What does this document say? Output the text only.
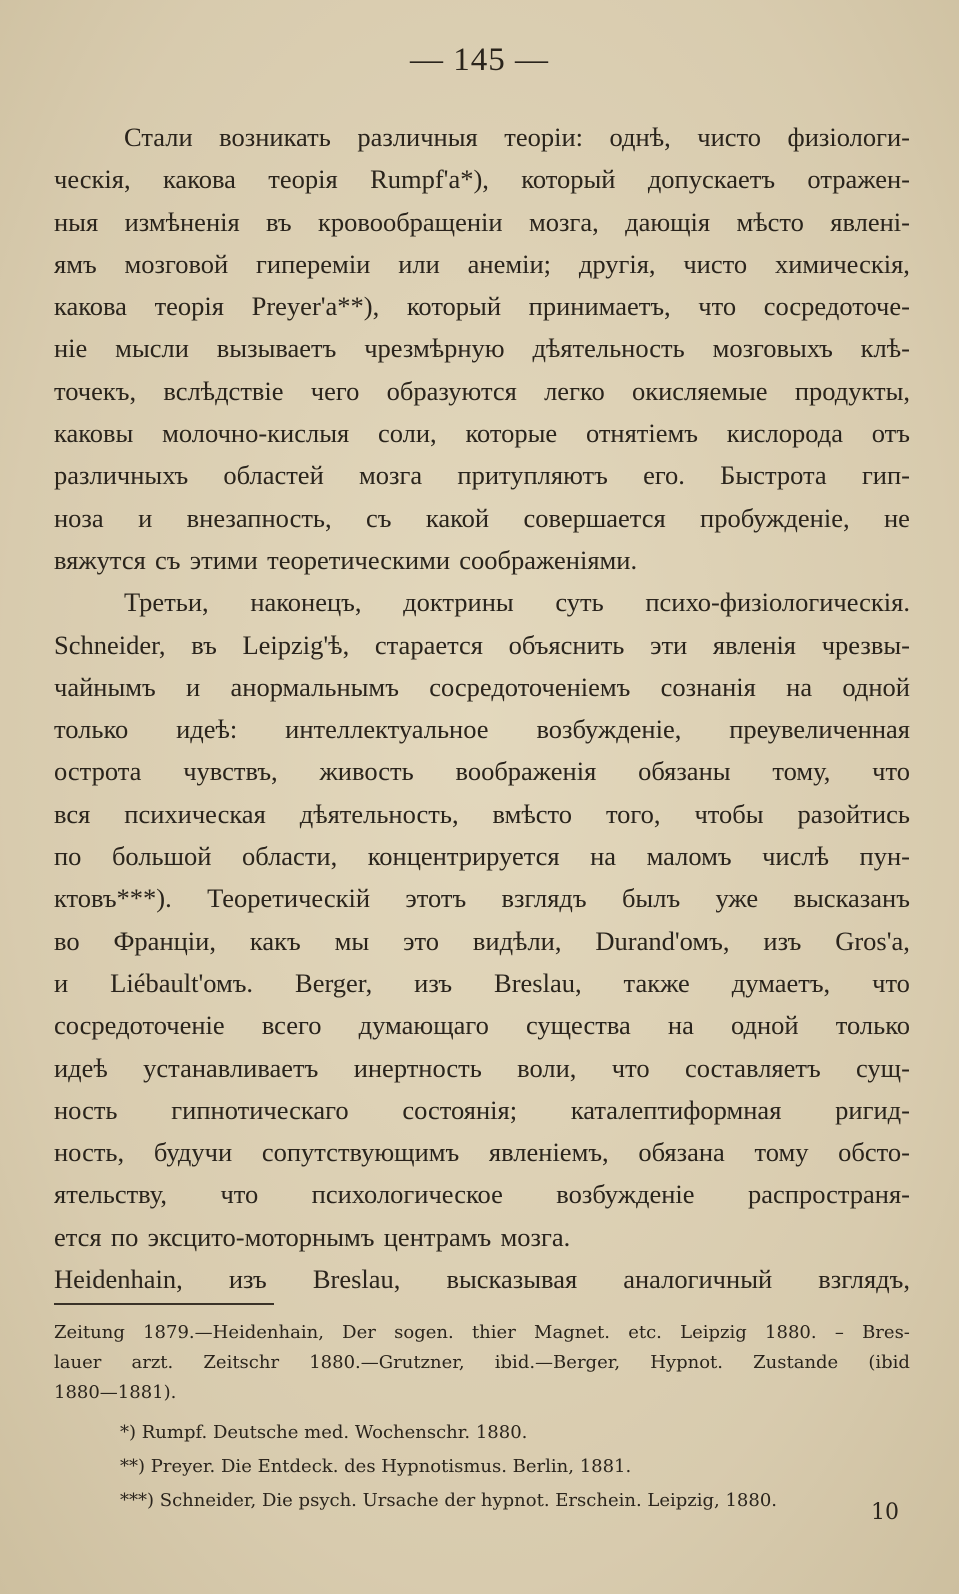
— 145 —
Стали возникать различныя теорiи: однѣ, чисто физiологи-
ческiя, какова теорiя Rumpf'a*), который допускаетъ отражен-
ныя измѣненiя въ кровообращенiи мозга, дающiя мѣсто явленi-
ямъ мозговой гиперемiи или анемiи; другiя, чисто химическiя,
какова теорiя Preyer'a**), который принимаетъ, что сосредоточе-
нiе мысли вызываетъ чрезмѣрную дѣятельность мозговыхъ клѣ-
точекъ, вслѣдствiе чего образуются легко окисляемые продукты,
каковы молочно-кислыя соли, которые отнятiемъ кислорода отъ
различныхъ областей мозга притупляютъ его. Быстрота гип-
ноза и внезапность, съ какой совершается пробужденiе, не
вяжутся съ этими теоретическими соображенiями.
Третьи, наконецъ, доктрины суть психо-физiологическiя.
Schneider, въ Leipzig'ѣ, старается объяснить эти явленiя чрезвы-
чайнымъ и анормальнымъ сосредоточенiемъ сознанiя на одной
только идеѣ: интеллектуальное возбужденiе, преувеличенная
острота чувствъ, живость воображенiя обязаны тому, что
вся психическая дѣятельность, вмѣсто того, чтобы разойтись
по большой области, концентрируется на маломъ числѣ пун-
ктовъ***). Теоретическiй этотъ взглядъ былъ уже высказанъ
во Францiи, какъ мы это видѣли, Durand'омъ, изъ Gros'a,
и Liébault'омъ. Berger, изъ Breslau, также думаетъ, что
сосредоточенiе всего думающаго существа на одной только
идеѣ устанавливаетъ инертность воли, что составляетъ сущ-
ность гипнотическаго состоянiя; каталептиформная ригид-
ность, будучи сопутствующимъ явленiемъ, обязана тому обсто-
ятельству, что психологическое возбужденiе распространя-
ется по эксцито-моторнымъ центрамъ мозга.
Heidenhain, изъ Breslau, высказывая аналогичный взглядъ,
Zeitung 1879.—Heidenhain, Der sogen. thier Magnet. etc. Leipzig 1880. – Bres-
lauer arzt. Zeitschr 1880.—Grutzner, ibid.—Berger, Hypnot. Zustande (ibid
1880—1881).
*) Rumpf. Deutsche med. Wochenschr. 1880.
**) Preyer. Die Entdeck. des Hypnotismus. Berlin, 1881.
***) Schneider, Die psych. Ursache der hypnot. Erschein. Leipzig, 1880.	10
